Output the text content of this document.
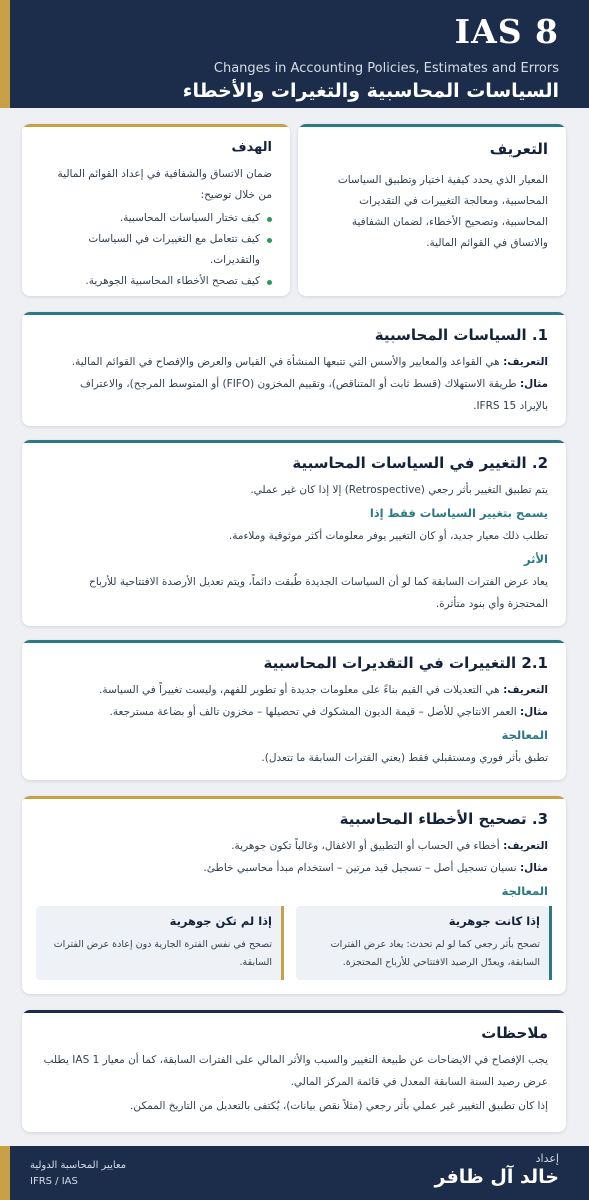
IAS 8
Changes in Accounting Policies, Estimates and Errors
السياسات المحاسبية والتغيرات والأخطاء
التعريف
المعيار الذي يحدد كيفية اختيار وتطبيق السياسات
المحاسبية، ومعالجة التغييرات في التقديرات
المحاسبية، وتصحيح الأخطاء، لضمان الشفافية
والاتساق في القوائم المالية.
الهدف
ضمان الاتساق والشفافية في إعداد القوائم المالية
من خلال توضيح:
كيف تختار السياسات المحاسبية.
كيف تتعامل مع التغييرات في السياسات
والتقديرات.
كيف تصحح الأخطاء المحاسبية الجوهرية.
1. السياسات المحاسبية
التعريف: هي القواعد والمعايير والأسس التي تتبعها المنشأة في القياس والعرض والإفصاح في القوائم المالية.
مثال: طريقة الاستهلاك (قسط ثابت أو المتناقص)، وتقييم المخزون (FIFO) أو المتوسط المرجح)، والاعتراف
بالإيراد IFRS 15.
2. التغيير في السياسات المحاسبية
يتم تطبيق التغيير بأثر رجعي (Retrospective) إلا إذا كان غير عملي.
يسمح بتغيير السياسات فقط إذا
تطلب ذلك معيار جديد، أو كان التغيير يوفر معلومات أكثر موثوقية وملاءمة.
الأثر
يعاد عرض الفترات السابقة كما لو أن السياسات الجديدة طُبقت دائماً، ويتم تعديل الأرصدة الافتتاحية للأرباح
المحتجزة وأي بنود متأثرة.
2.1 التغييرات في التقديرات المحاسبية
التعريف: هي التعديلات في القيم بناءً على معلومات جديدة أو تطوير للفهم، وليست تغييراً في السياسة.
مثال: العمر الانتاجي للأصل – قيمة الديون المشكوك في تحصيلها – مخزون تالف أو بضاعة مسترجعة.
المعالجة
تطبق بأثر فوري ومستقبلي فقط (يعني الفترات السابقة ما تتعدل).
3. تصحيح الأخطاء المحاسبية
التعريف: أخطاء في الحساب أو التطبيق أو الاغفال، وغالباً تكون جوهرية.
مثال: نسيان تسجيل أصل – تسجيل قيد مرتين – استخدام مبدأ محاسبي خاطئ.
المعالجة
إذا كانت جوهرية
تصحح بأثر رجعي كما لو لم تحدث: يعاد عرض الفترات
السابقة، ويعدّل الرصيد الافتتاحي للأرباح المحتجزة.
إذا لم تكن جوهرية
تصحح في نفس الفترة الجارية دون إعادة عرض الفترات
السابقة.
ملاحظات
يجب الإفصاح في الايضاحات عن طبيعة التغيير والسبب والأثر المالي على الفترات السابقة، كما أن معيار IAS 1 يطلب
عرض رصيد السنة السابقة المعدل في قائمة المركز المالي.
إذا كان تطبيق التغيير غير عملي بأثر رجعي (مثلاً نقص بيانات)، يُكتفى بالتعديل من التاريخ الممكن.
إعداد
خالد آل ظافر
معايير المحاسبة الدولية
IFRS / IAS
